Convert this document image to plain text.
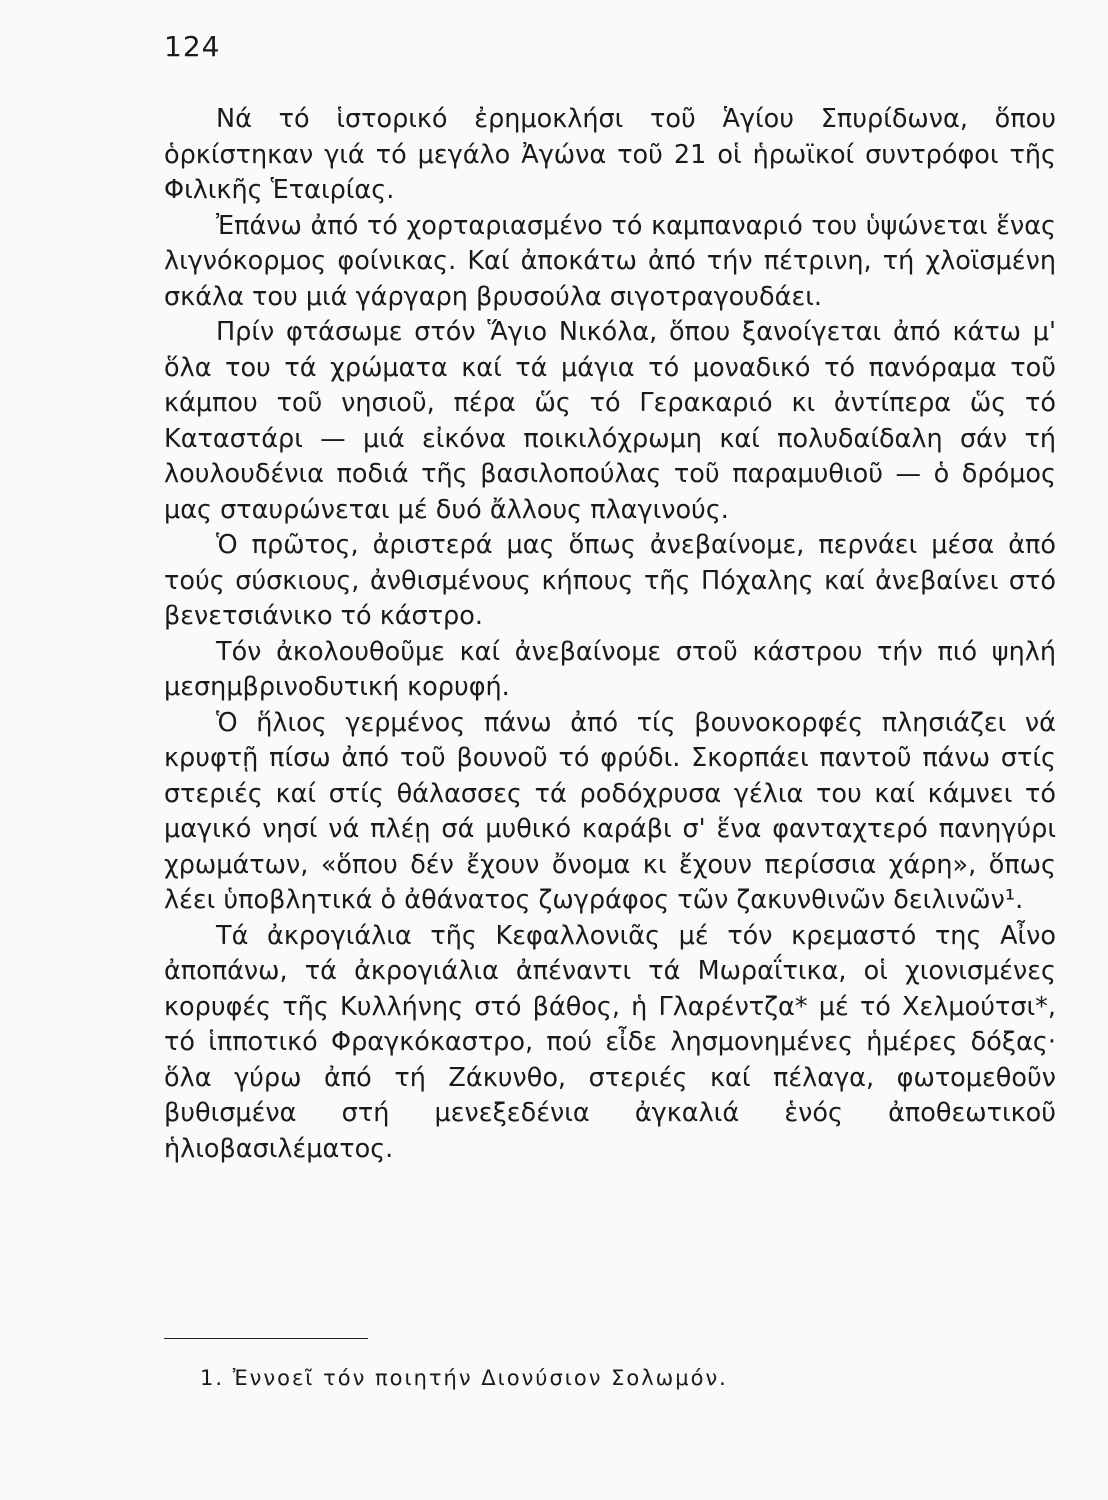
124

Νά τό ἱστορικό ἐρημοκλήσι τοῦ Ἁγίου Σπυρίδωνα, ὅπου ὁρκίστηκαν γιά τό μεγάλο Ἀγώνα τοῦ 21 οἱ ἡρωϊκοί συντρόφοι τῆς Φιλικῆς Ἑταιρίας.

Ἐπάνω ἀπό τό χορταριασμένο τό καμπαναριό του ὑψώνεται ἕνας λιγνόκορμος φοίνικας. Καί ἀποκάτω ἀπό τήν πέτρινη, τή χλοϊσμένη σκάλα του μιά γάργαρη βρυσούλα σιγοτραγουδάει.

Πρίν φτάσωμε στόν Ἅγιο Νικόλα, ὅπου ξανοίγεται ἀπό κάτω μ' ὅλα του τά χρώματα καί τά μάγια τό μοναδικό τό πανόραμα τοῦ κάμπου τοῦ νησιοῦ, πέρα ὥς τό Γερακαριό κι ἀντίπερα ὥς τό Καταστάρι — μιά εἰκόνα ποικιλόχρωμη καί πολυδαίδαλη σάν τή λουλουδένια ποδιά τῆς βασιλοπούλας τοῦ παραμυθιοῦ — ὁ δρόμος μας σταυρώνεται μέ δυό ἄλλους πλαγινούς.

Ὁ πρῶτος, ἀριστερά μας ὅπως ἀνεβαίνομε, περνάει μέσα ἀπό τούς σύσκιους, ἀνθισμένους κήπους τῆς Πόχαλης καί ἀνεβαίνει στό βενετσιάνικο τό κάστρο.

Τόν ἀκολουθοῦμε καί ἀνεβαίνομε στοῦ κάστρου τήν πιό ψηλή μεσημβρινοδυτική κορυφή.

Ὁ ἥλιος γερμένος πάνω ἀπό τίς βουνοκορφές πλησιάζει νά κρυφτῇ πίσω ἀπό τοῦ βουνοῦ τό φρύδι. Σκορπάει παντοῦ πάνω στίς στεριές καί στίς θάλασσες τά ροδόχρυσα γέλια του καί κάμνει τό μαγικό νησί νά πλέῃ σά μυθικό καράβι σ' ἕνα φανταχτερό πανηγύρι χρωμάτων, «ὅπου δέν ἔχουν ὄνομα κι ἔχουν περίσσια χάρη», ὅπως λέει ὑποβλητικά ὁ ἀθάνατος ζωγράφος τῶν ζακυνθινῶν δειλινῶν¹.

Τά ἀκρογιάλια τῆς Κεφαλλονιᾶς μέ τόν κρεμαστό της Αἶνο ἀποπάνω, τά ἀκρογιάλια ἀπέναντι τά Μωραΐτικα, οἱ χιονισμένες κορυφές τῆς Κυλλήνης στό βάθος, ἡ Γλαρέντζα* μέ τό Χελμούτσι*, τό ἱπποτικό Φραγκόκαστρο, πού εἶδε λησμονημένες ἡμέρες δόξας· ὅλα γύρω ἀπό τή Ζάκυνθο, στεριές καί πέλαγα, φωτομεθοῦν βυθισμένα στή μενεξεδένια ἀγκαλιά ἑνός ἀποθεωτικοῦ ἡλιοβασιλέματος.

1. Ἐννοεῖ τόν ποιητήν Διονύσιον Σολωμόν.
